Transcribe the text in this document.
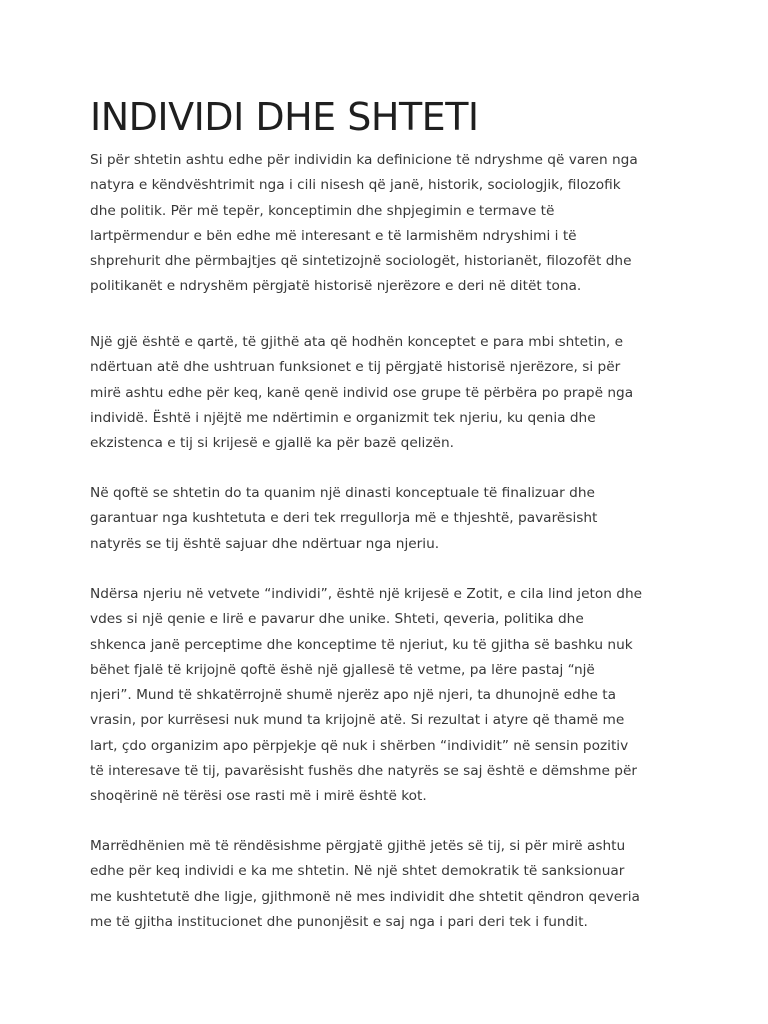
INDIVIDI DHE SHTETI

Si për shtetin ashtu edhe për individin ka definicione të ndryshme që varen nga
natyra e këndvështrimit nga i cili nisesh që janë, historik, sociologjik, filozofik
dhe politik. Për më tepër, konceptimin dhe shpjegimin e termave të
lartpërmendur e bën edhe më interesant e të larmishëm ndryshimi i të
shprehurit dhe përmbajtjes që sintetizojnë sociologët, historianët, filozofët dhe
politikanët e ndryshëm përgjatë historisë njerëzore e deri në ditët tona.

Një gjë është e qartë, të gjithë ata që hodhën konceptet e para mbi shtetin, e
ndërtuan atë dhe ushtruan funksionet e tij përgjatë historisë njerëzore, si për
mirë ashtu edhe për keq, kanë qenë individ ose grupe të përbëra po prapë nga
individë. Është i njëjtë me ndërtimin e organizmit tek njeriu, ku qenia dhe
ekzistenca e tij si krijesë e gjallë ka për bazë qelizën.

Në qoftë se shtetin do ta quanim një dinasti konceptuale të finalizuar dhe
garantuar nga kushtetuta e deri tek rregullorja më e thjeshtë, pavarësisht
natyrës se tij është sajuar dhe ndërtuar nga njeriu.

Ndërsa njeriu në vetvete “individi”, është një krijesë e Zotit, e cila lind jeton dhe
vdes si një qenie e lirë e pavarur dhe unike. Shteti, qeveria, politika dhe
shkenca janë perceptime dhe konceptime të njeriut, ku të gjitha së bashku nuk
bëhet fjalë të krijojnë qoftë ëshë një gjallesë të vetme, pa lëre pastaj “një
njeri”. Mund të shkatërrojnë shumë njerëz apo një njeri, ta dhunojnë edhe ta
vrasin, por kurrësesi nuk mund ta krijojnë atë. Si rezultat i atyre që thamë me
lart, çdo organizim apo përpjekje që nuk i shërben “individit” në sensin pozitiv
të interesave të tij, pavarësisht fushës dhe natyrës se saj është e dëmshme për
shoqërinë në tërësi ose rasti më i mirë është kot.

Marrëdhënien më të rëndësishme përgjatë gjithë jetës së tij, si për mirë ashtu
edhe për keq individi e ka me shtetin. Në një shtet demokratik të sanksionuar
me kushtetutë dhe ligje, gjithmonë në mes individit dhe shtetit qëndron qeveria
me të gjitha institucionet dhe punonjësit e saj nga i pari deri tek i fundit.
